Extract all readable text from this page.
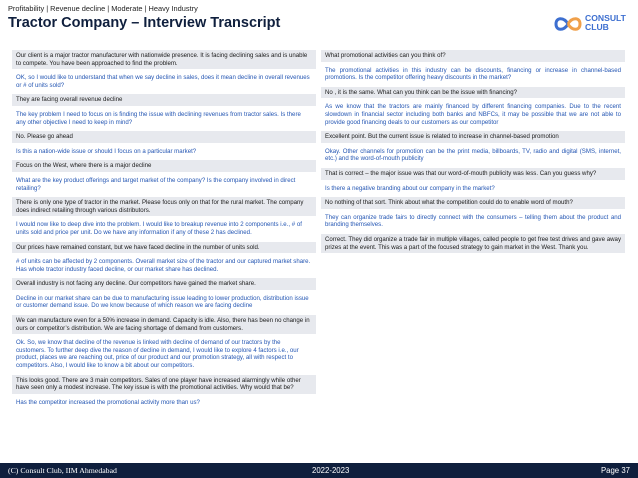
Profitability | Revenue decline | Moderate | Heavy Industry
Tractor Company – Interview Transcript	CONSULT
CLUB
Our client is a major tractor manufacturer with nationwide presence. It is facing declining sales and is unable to compete. You have been approached to find the problem.
OK, so I would like to understand that when we say decline in sales, does it mean decline in overall revenues or # of units sold?
They are facing overall revenue decline
The key problem I need to focus on is finding the issue with declining revenues from tractor sales. Is there any other objective I need to keep in mind?
No. Please go ahead
Is this a nation-wide issue or should I focus on a particular market?
Focus on the West, where there is a major decline
What are the key product offerings and target market of the company? Is the company involved in direct retailing?
There is only one type of tractor in the market. Please focus only on that for the rural market. The company does indirect retailing through various distributors.
I would now like to deep dive into the problem. I would like to breakup revenue into 2 components i.e., # of units sold and price per unit. Do we have any information if any of these 2 has declined.
Our prices have remained constant, but we have faced decline in the number of units sold.
# of units can be affected by 2 components. Overall market size of the tractor and our captured market share. Has whole tractor industry faced decline, or our market share has declined.
Overall industry is not facing any decline. Our competitors have gained the market share.
Decline in our market share can be due to manufacturing issue leading to lower production, distribution issue or customer demand issue. Do we know because of which reason we are facing decline
We can manufacture even for a 50% increase in demand. Capacity is idle. Also, there has been no change in ours or competitor’s distribution. We are facing shortage of demand from customers.
Ok. So, we know that decline of the revenue is linked with decline of demand of our tractors by the customers. To further deep dive the reason of decline in demand, I would like to explore 4 factors i.e., our product, places we are reaching out, price of our product and our promotion strategy, all with respect to competitors. Also, I would like to know a bit about our competitors.
This looks good. There are 3 main competitors. Sales of one player have increased alarmingly while other have seen only a modest increase. The key issue is with the promotional activities. Why would that be?
Has the competitor increased the promotional activity more than us?
What promotional activities can you think of?
The promotional activities in this industry can be discounts, financing or increase in channel-based promotions. Is the competitor offering heavy discounts in the market?
No , it is the same. What can you think can be the issue with financing?
As we know that the tractors are mainly financed by different financing companies. Due to the recent slowdown in financial sector including both banks and NBFCs, it may be possible that we are not able to provide good financing deals to our customers as our competitor
Excellent point. But the current issue is related to increase in channel-based promotion
Okay. Other channels for promotion can be the print media, billboards, TV, radio and digital (SMS, internet, etc.) and the word-of-mouth publicity
That is correct – the major issue was that our word-of-mouth publicity was less. Can you guess why?
Is there a negative branding about our company in the market?
No nothing of that sort. Think about what the competition could do to enable word of mouth?
They can organize trade fairs to directly connect with the consumers – telling them about the product and branding themselves.
Correct. They did organize a trade fair in multiple villages, called people to get free test drives and gave away prizes at the event. This was a part of the focused strategy to gain market in the West. Thank you.
(C) Consult Club, IIM Ahmedabad	2022-2023	Page 37
